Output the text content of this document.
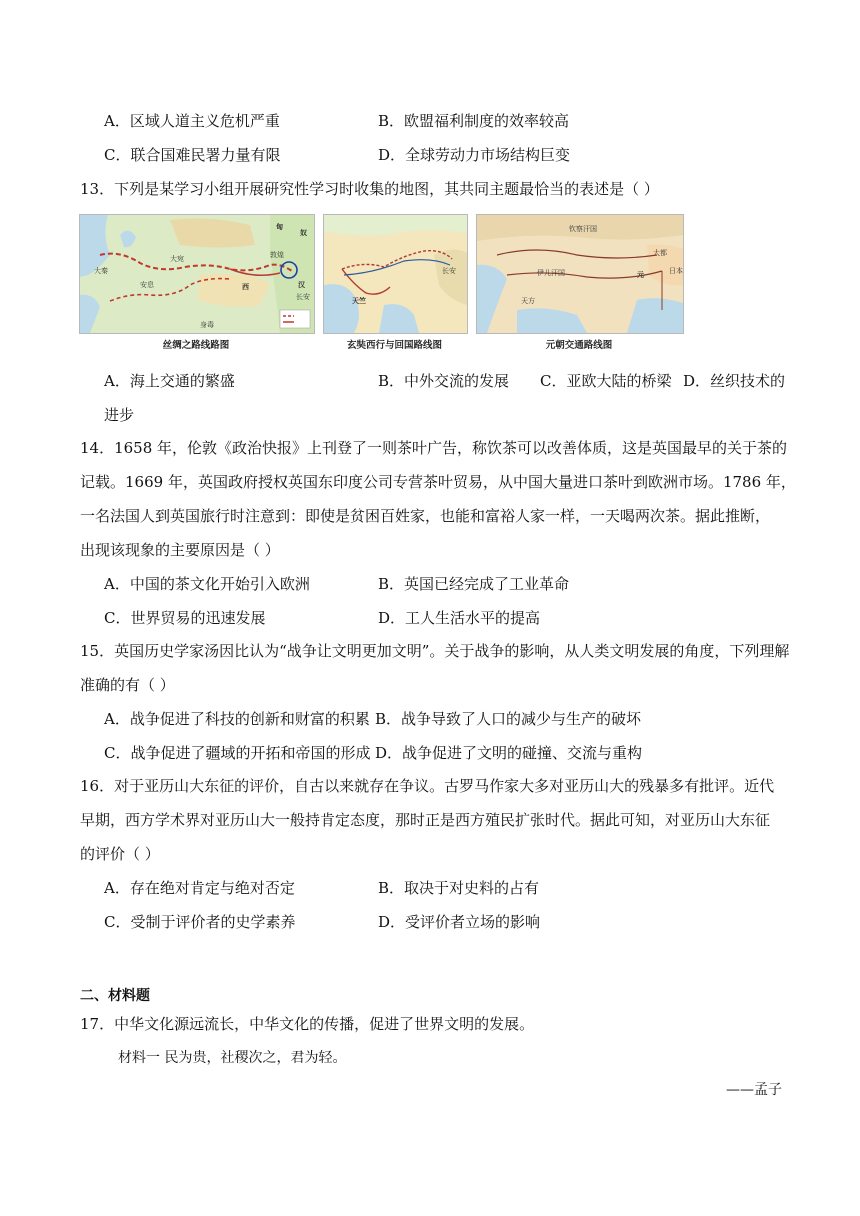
A．区域人道主义危机严重	B．欧盟福利制度的效率较高
C．联合国难民署力量有限	D．全球劳动力市场结构巨变
13．下列是某学习小组开展研究性学习时收集的地图，其共同主题最恰当的表述是（ ）
匈
奴
汉
长安
西
敦煌
大宛
安息
大秦
身毒
丝绸之路线路图
天竺
长安
玄奘西行与回国路线图
钦察汗国
伊儿汗国
大都
元
天方
日本
元朝交通路线图
A．海上交通的繁盛	B．中外交流的发展 C．亚欧大陆的桥梁 D．丝织技术的
进步
14．1658 年，伦敦《政治快报》上刊登了一则茶叶广告，称饮茶可以改善体质，这是英国最早的关于茶的
记载。1669 年，英国政府授权英国东印度公司专营茶叶贸易，从中国大量进口茶叶到欧洲市场。1786 年，
一名法国人到英国旅行时注意到：即使是贫困百姓家，也能和富裕人家一样，一天喝两次茶。据此推断，
出现该现象的主要原因是（ ）
A．中国的茶文化开始引入欧洲	B．英国已经完成了工业革命
C．世界贸易的迅速发展	D．工人生活水平的提高
15．英国历史学家汤因比认为“战争让文明更加文明”。关于战争的影响，从人类文明发展的角度，下列理解
准确的有（ ）
A．战争促进了科技的创新和财富的积累 B．战争导致了人口的减少与生产的破坏
C．战争促进了疆域的开拓和帝国的形成 D．战争促进了文明的碰撞、交流与重构
16．对于亚历山大东征的评价，自古以来就存在争议。古罗马作家大多对亚历山大的残暴多有批评。近代
早期，西方学术界对亚历山大一般持肯定态度，那时正是西方殖民扩张时代。据此可知，对亚历山大东征
的评价（ ）
A．存在绝对肯定与绝对否定	B．取决于对史料的占有
C．受制于评价者的史学素养	D．受评价者立场的影响
二、材料题
17．中华文化源远流长，中华文化的传播，促进了世界文明的发展。
材料一 民为贵，社稷次之，君为轻。
——孟子
